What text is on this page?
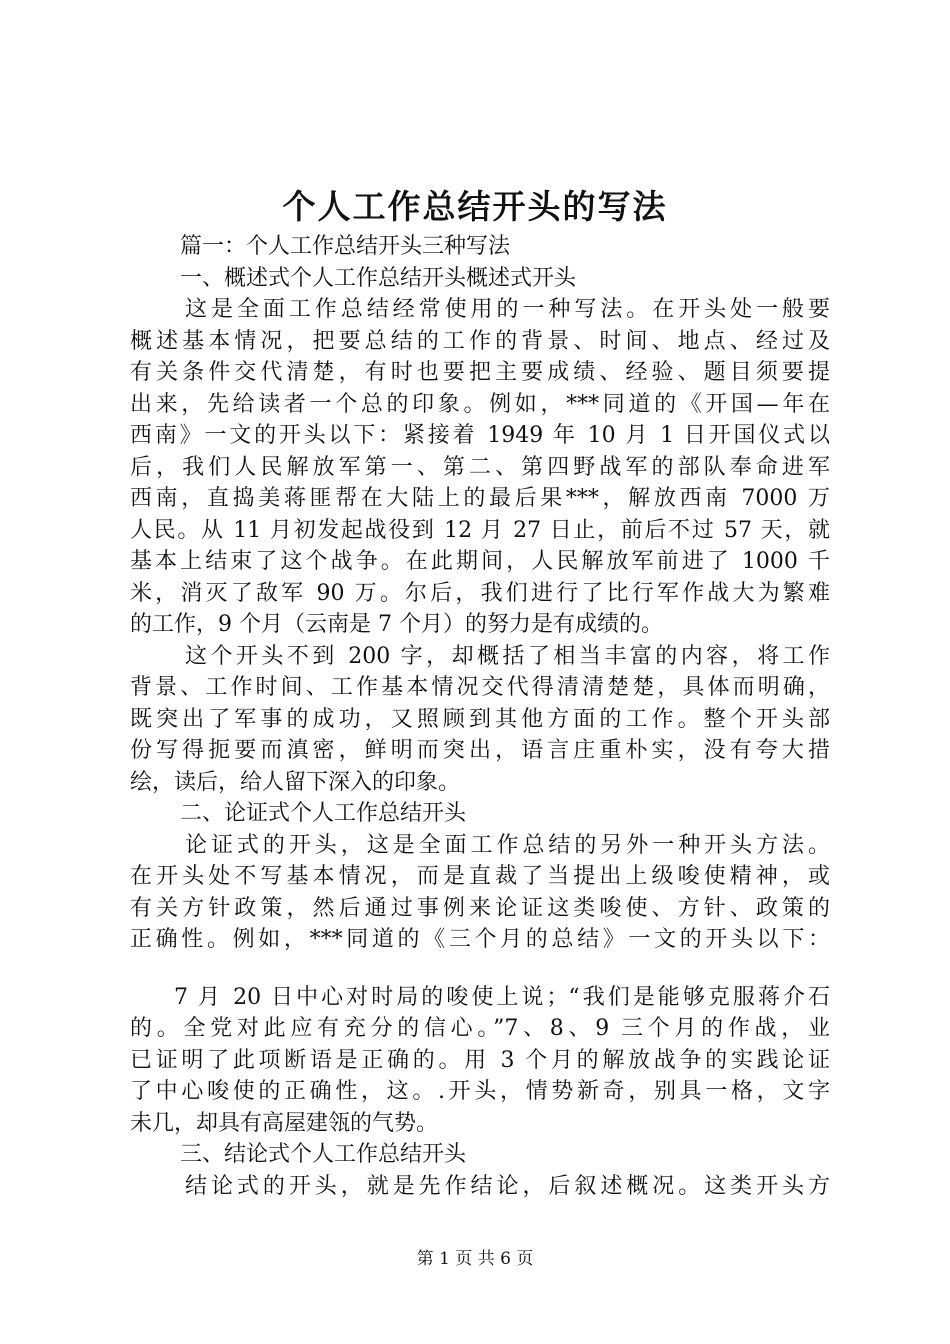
个人工作总结开头的写法
篇一：个人工作总结开头三种写法
一、概述式个人工作总结开头概述式开头
这是全面工作总结经常使用的一种写法。在开头处一般要
概述基本情况，把要总结的工作的背景、时间、地点、经过及
有关条件交代清楚，有时也要把主要成绩、经验、题目须要提
出来，先给读者一个总的印象。例如，***同道的《开国—年在
西南》一文的开头以下：紧接着 1949 年 10 月 1 日开国仪式以
后，我们人民解放军第一、第二、第四野战军的部队奉命进军
西南，直捣美蒋匪帮在大陆上的最后果***，解放西南 7000 万
人民。从 11 月初发起战役到 12 月 27 日止，前后不过 57 天，就
基本上结束了这个战争。在此期间，人民解放军前进了 1000 千
米，消灭了敌军 90 万。尔后，我们进行了比行军作战大为繁难
的工作，9 个月（云南是 7 个月）的努力是有成绩的。
这个开头不到 200 字，却概括了相当丰富的内容，将工作
背景、工作时间、工作基本情况交代得清清楚楚，具体而明确，
既突出了军事的成功，又照顾到其他方面的工作。整个开头部
份写得扼要而滇密，鲜明而突出，语言庄重朴实，没有夸大措
绘，读后，给人留下深入的印象。
二、论证式个人工作总结开头
论证式的开头，这是全面工作总结的另外一种开头方法。
在开头处不写基本情况，而是直裁了当提出上级唆使精神，或
有关方针政策，然后通过事例来论证这类唆使、方针、政策的
正确性。例如，***同道的《三个月的总结》一文的开头以下：
7 月 20 日中心对时局的唆使上说；“我们是能够克服蒋介石
的。全党对此应有充分的信心。”7、8、9 三个月的作战，业
已证明了此项断语是正确的。用 3 个月的解放战争的实践论证
了中心唆使的正确性，这。.开头，情势新奇，别具一格，文字
未几，却具有高屋建瓴的气势。
三、结论式个人工作总结开头
结论式的开头，就是先作结论，后叙述概况。这类开头方
第 1 页 共 6 页
